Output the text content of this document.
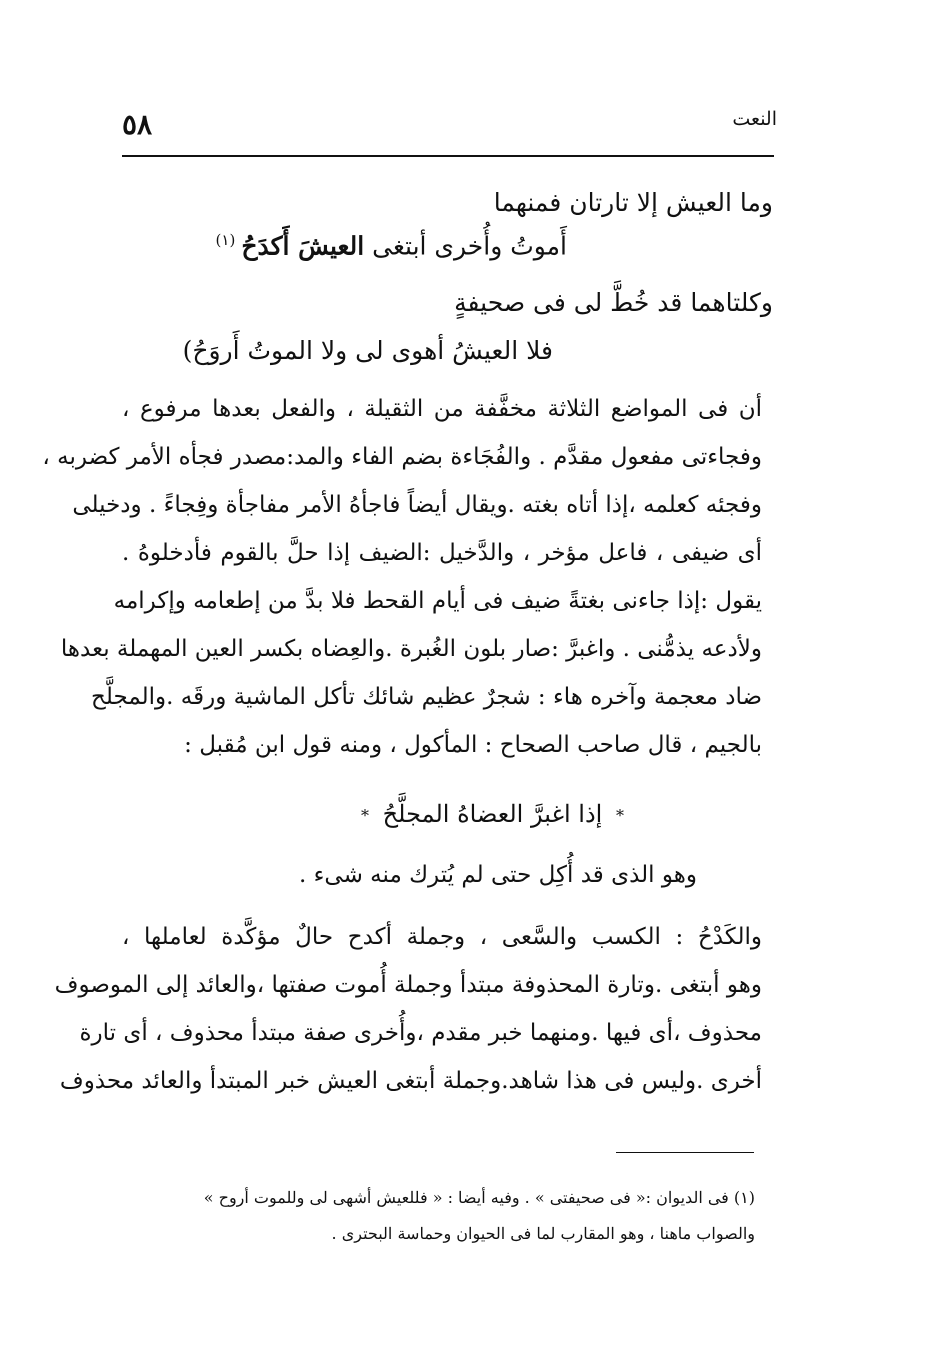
٥٨	النعت
وما العيش إلا تارتان فمنهما
أَموتُ وأُخرى أبتغى العيشَ أَكدَحُ$^{(١)}$
وكلتاهما قد خُطَّ لى فى صحيفةٍ
فلا العيشُ أهوى لى ولا الموتُ أَروَحُ)
أن فى المواضع الثلاثة مخفَّفة من الثقيلة ، والفعل بعدها مرفوع ،
وفجاءتى مفعول مقدَّم . والفُجَاءة بضم الفاء والمد:مصدر فجأه الأمر كضربه ،
وفجئه كعلمه ،إذا أتاه بغته .ويقال أيضاً فاجأهُ الأمر مفاجأة وفِجاءً . ودخيلى
أى ضيفى ، فاعل مؤخر ، والدَّخيل :الضيف إذا حلَّ بالقوم فأدخلوهُ .
يقول :إذا جاءنى بغتةً ضيف فى أيام القحط فلا بدَّ من إطعامه وإكرامه
ولأدعه يذمُّنى . واغبرَّ :صار بلون الغُبرة .والعِضاه بكسر العين المهملة بعدها
ضاد معجمة وآخره هاء : شجرٌ عظيم شائك تأكل الماشية ورقَه .والمجلَّح
بالجيم ، قال صاحب الصحاح : المأكول ، ومنه قول ابن مُقبل :
* إذا اغبرَّ العضاهُ المجلَّحُ *
وهو الذى قد أُكِل حتى لم يُترك منه شىء .
والكَدْحُ : الكسب والسَّعى ، وجملة أكدح حالٌ مؤكَّدة لعاملها ،
وهو أبتغى .وتارة المحذوفة مبتدأ وجملة أُموت صفتها ،والعائد إلى الموصوف
محذوف ،أى فيها .ومنهما خبر مقدم ،وأُخرى صفة مبتدأ محذوف ، أى تارة
أخرى .وليس فى هذا شاهد.وجملة أبتغى العيش خبر المبتدأ والعائد محذوف
(١) فى الديوان :« فى صحيفتى » . وفيه أيضا : « فللعيش أشهى لى وللموت أروح »
والصواب ماهنا ، وهو المقارب لما فى الحيوان وحماسة البحترى .
